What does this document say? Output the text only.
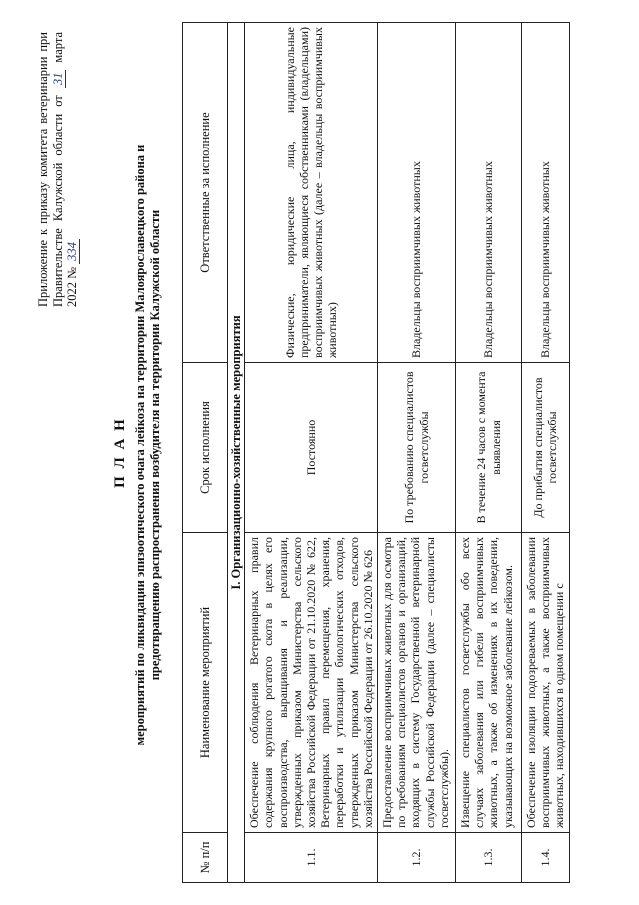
Приложение к приказу комитета ветеринарии при Правительстве Калужской области от 31 марта 2022 № 334
П Л А Н мероприятий по ликвидации эпизоотического очага лейкоза на территории Малоярославецкого района и предотвращению распространения возбудителя на территории Калужской области
№ п/п	Наименование мероприятий	Срок исполнения	Ответственные за исполнение
I. Организационно-хозяйственные мероприятия			
1.1.	Обеспечение соблюдения Ветеринарных правил содержания крупного рогатого скота в целях его воспроизводства, выращивания и реализации, утвержденных приказом Министерства сельского хозяйства Российской Федерации от 21.10.2020 № 622, Ветеринарных правил перемещения, хранения, переработки и утилизации биологических отходов, утвержденных приказом Министерства сельского хозяйства Российской Федерации от 26.10.2020 № 626	Постоянно	Физические, юридические лица, индивидуальные предприниматели, являющиеся собственниками (владельцами) восприимчивых животных (далее – владельцы восприимчивых животных)
1.2.	Предоставление восприимчивых животных для осмотра по требованиям специалистов органов и организаций, входящих в систему Государственной ветеринарной службы Российской Федерации (далее – специалисты госветслужбы).	По требованию специалистов госветслужбы	Владельцы восприимчивых животных
1.3.	Извещение специалистов госветслужбы обо всех случаях заболевания или гибели восприимчивых животных, а также об изменениях в их поведении, указывающих на возможное заболевание лейкозом.	В течение 24 часов с момента выявления	Владельцы восприимчивых животных
1.4.	Обеспечение изоляции подозреваемых в заболевании восприимчивых животных, а также восприимчивых животных, находившихся в одном помещении с	До прибытия специалистов госветслужбы	Владельцы восприимчивых животных
